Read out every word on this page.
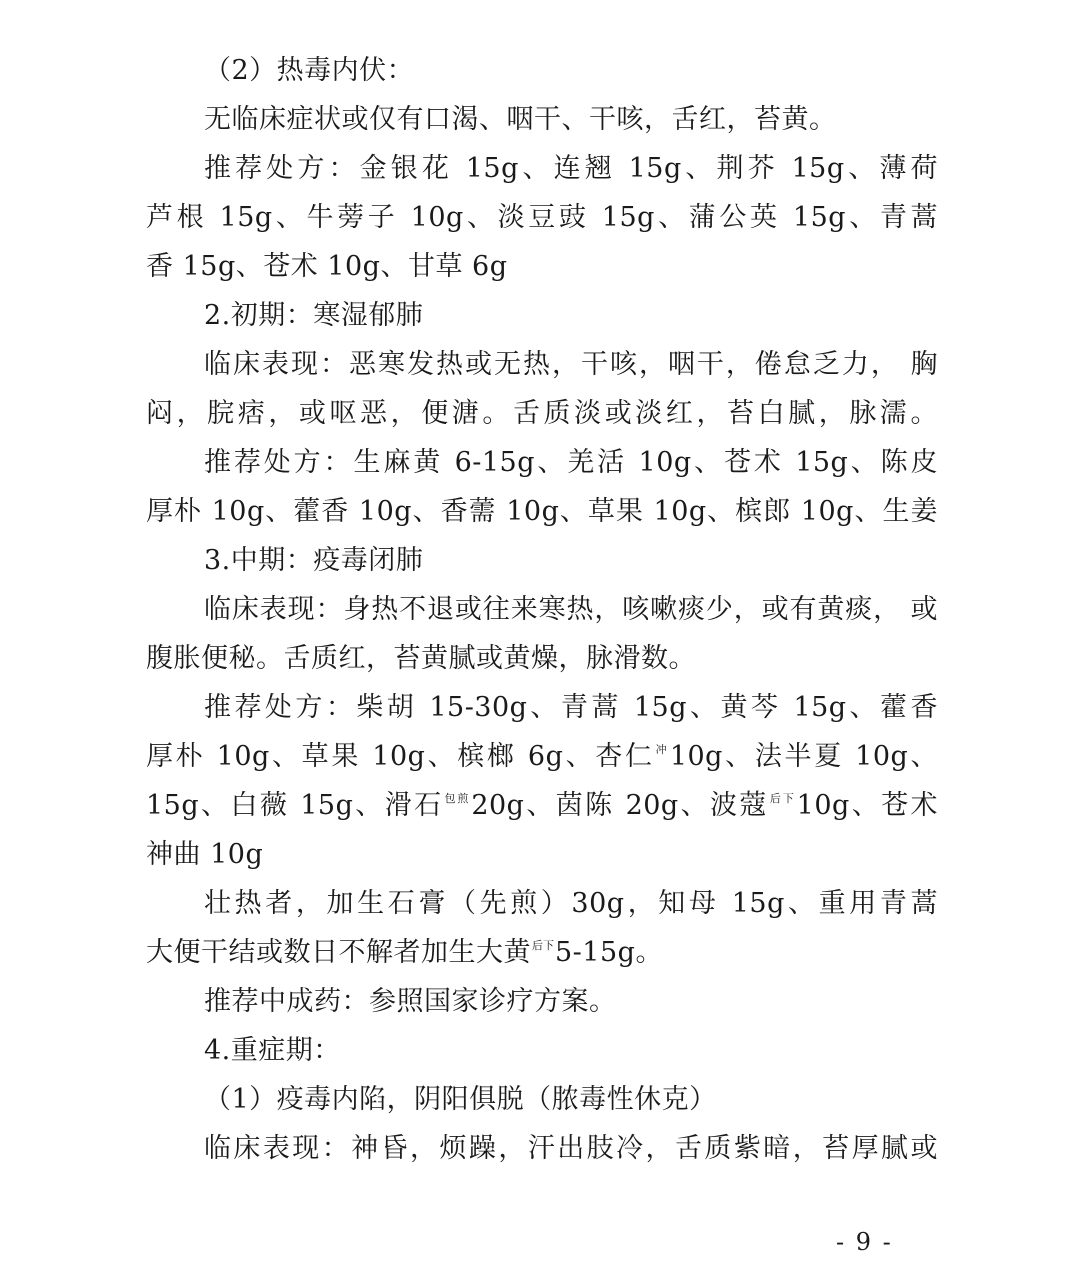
（2）热毒内伏：
无临床症状或仅有口渴、咽干、干咳，舌红，苔黄。
推荐处方：金银花 15g、连翘 15g、荆芥 15g、薄荷
芦根 15g、牛蒡子 10g、淡豆豉 15g、蒲公英 15g、青蒿
香 15g、苍术 10g、甘草 6g
2.初期：寒湿郁肺
临床表现：恶寒发热或无热，干咳，咽干，倦怠乏力， 胸
闷，脘痞，或呕恶，便溏。舌质淡或淡红，苔白腻，脉濡。
推荐处方：生麻黄 6-15g、羌活 10g、苍术 15g、陈皮
厚朴 10g、藿香 10g、香薷 10g、草果 10g、槟郎 10g、生姜
3.中期：疫毒闭肺
临床表现：身热不退或往来寒热，咳嗽痰少，或有黄痰， 或
腹胀便秘。舌质红，苔黄腻或黄燥，脉滑数。
推荐处方：柴胡 15-30g、青蒿 15g、黄芩 15g、藿香
厚朴 10g、草果 10g、槟榔 6g、杏仁$^冲$10g、法半夏 10g、
15g、白薇 15g、滑石$^{包煎}$20g、茵陈 20g、波蔻$^{后下}$10g、苍术
神曲 10g
壮热者，加生石膏（先煎）30g，知母 15g、重用青蒿
大便干结或数日不解者加生大黄$^{后下}$5-15g。
推荐中成药：参照国家诊疗方案。
4.重症期：
（1）疫毒内陷，阴阳俱脱（脓毒性休克）
临床表现：神昏，烦躁，汗出肢冷，舌质紫暗，苔厚腻或
- 9 -
